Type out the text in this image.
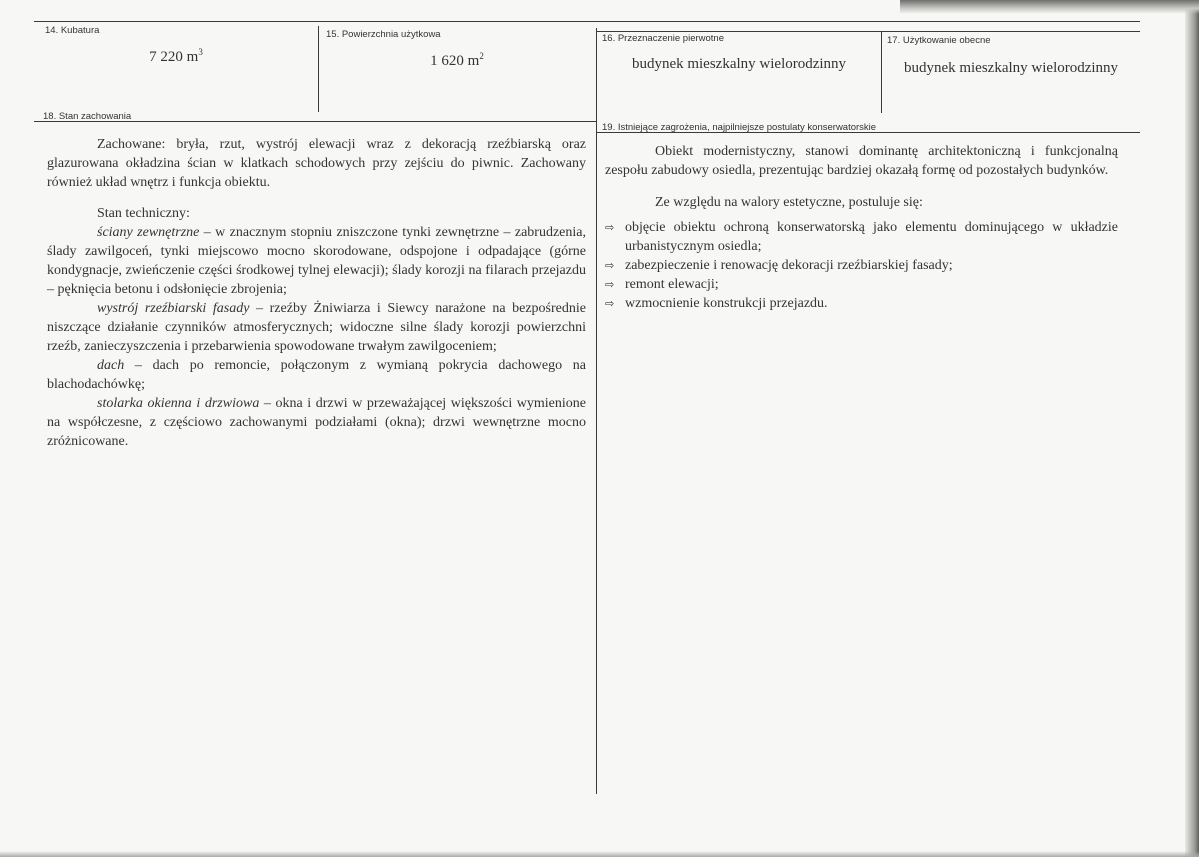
14. Kubatura
7 220 $m^3$
15. Powierzchnia użytkowa
1 620 $m^2$
16. Przeznaczenie pierwotne
budynek mieszkalny wielorodzinny
17. Użytkowanie obecne
budynek mieszkalny wielorodzinny
18. Stan zachowania

Zachowane: bryła, rzut, wystrój elewacji wraz z dekoracją rzeźbiarską oraz glazurowana okładzina ścian w klatkach schodowych przy zejściu do piwnic. Zachowany również układ wnętrz i funkcja obiektu.

Stan techniczny:

ściany zewnętrzne – w znacznym stopniu zniszczone tynki zewnętrzne – zabrudzenia, ślady zawilgoceń, tynki miejscowo mocno skorodowane, odspojone i odpadające (górne kondygnacje, zwieńczenie części środkowej tylnej elewacji); ślady korozji na filarach przejazdu – pęknięcia betonu i odsłonięcie zbrojenia;

wystrój rzeźbiarski fasady – rzeźby Żniwiarza i Siewcy narażone na bezpośrednie niszczące działanie czynników atmosferycznych; widoczne silne ślady korozji powierzchni rzeźb, zanieczyszczenia i przebarwienia spowodowane trwałym zawilgoceniem;

dach – dach po remoncie, połączonym z wymianą pokrycia dachowego na blachodachówkę;

stolarka okienna i drzwiowa – okna i drzwi w przeważającej większości wymienione na współczesne, z częściowo zachowanymi podziałami (okna); drzwi wewnętrzne mocno zróżnicowane.

19. Istniejące zagrożenia, najpilniejsze postulaty konserwatorskie

Obiekt modernistyczny, stanowi dominantę architektoniczną i funkcjonalną zespołu zabudowy osiedla, prezentując bardziej okazałą formę od pozostałych budynków.

Ze względu na walory estetyczne, postuluje się:

⇨ objęcie obiektu ochroną konserwatorską jako elementu dominującego w układzie urbanistycznym osiedla;
⇨ zabezpieczenie i renowację dekoracji rzeźbiarskiej fasady;
⇨ remont elewacji;
⇨ wzmocnienie konstrukcji przejazdu.
